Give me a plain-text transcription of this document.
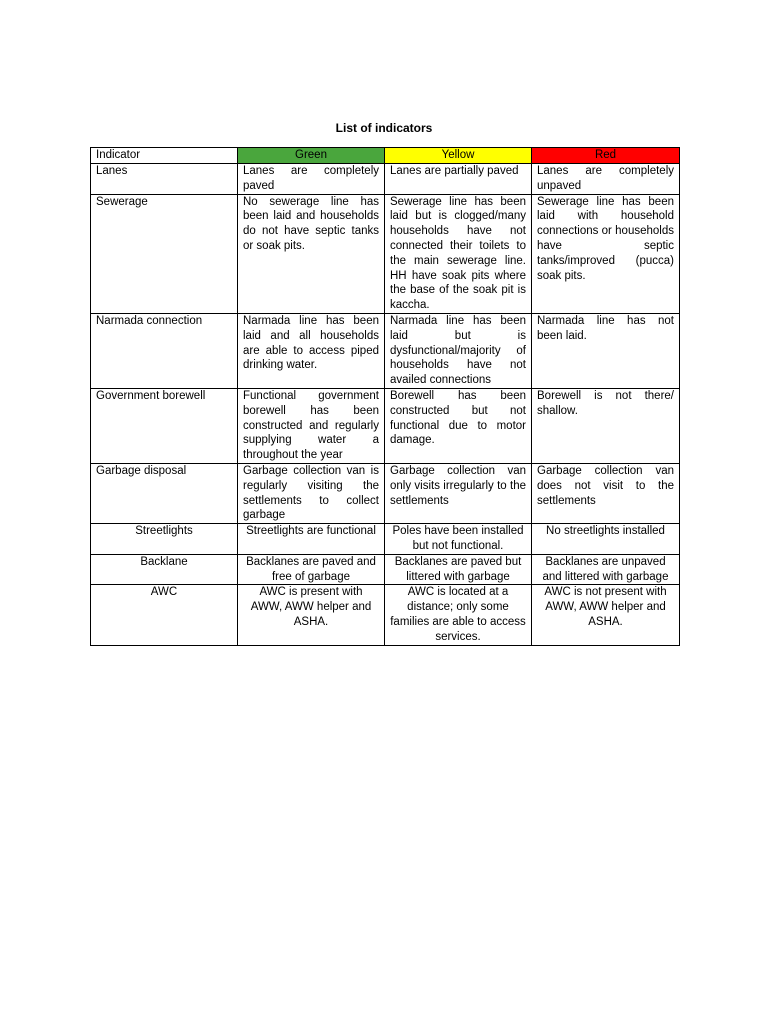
List of indicators
Indicator	Green	Yellow	Red
Lanes	Lanes are completely paved	Lanes are partially paved	Lanes are completely unpaved
Sewerage	No sewerage line has been laid and households do not have septic tanks or soak pits.	Sewerage line has been laid but is clogged/many households have not connected their toilets to the main sewerage line. HH have soak pits where the base of the soak pit is kaccha.	Sewerage line has been laid with household connections or households have septic tanks/improved (pucca) soak pits.
Narmada connection	Narmada line has been laid and all households are able to access piped drinking water.	Narmada line has been laid but is dysfunctional/majority of households have not availed connections	Narmada line has not been laid.
Government borewell	Functional government borewell has been constructed and regularly supplying water a throughout the year	Borewell has been constructed but not functional due to motor damage.	Borewell is not there/ shallow.
Garbage disposal	Garbage collection van is regularly visiting the settlements to collect garbage	Garbage collection van only visits irregularly to the settlements	Garbage collection van does not visit to the settlements
Streetlights	Streetlights are functional	Poles have been installed but not functional.	No streetlights installed
Backlane	Backlanes are paved and free of garbage	Backlanes are paved but littered with garbage	Backlanes are unpaved and littered with garbage
AWC	AWC is present with AWW, AWW helper and ASHA.	AWC is located at a distance; only some families are able to access services.	AWC is not present with AWW, AWW helper and ASHA.
